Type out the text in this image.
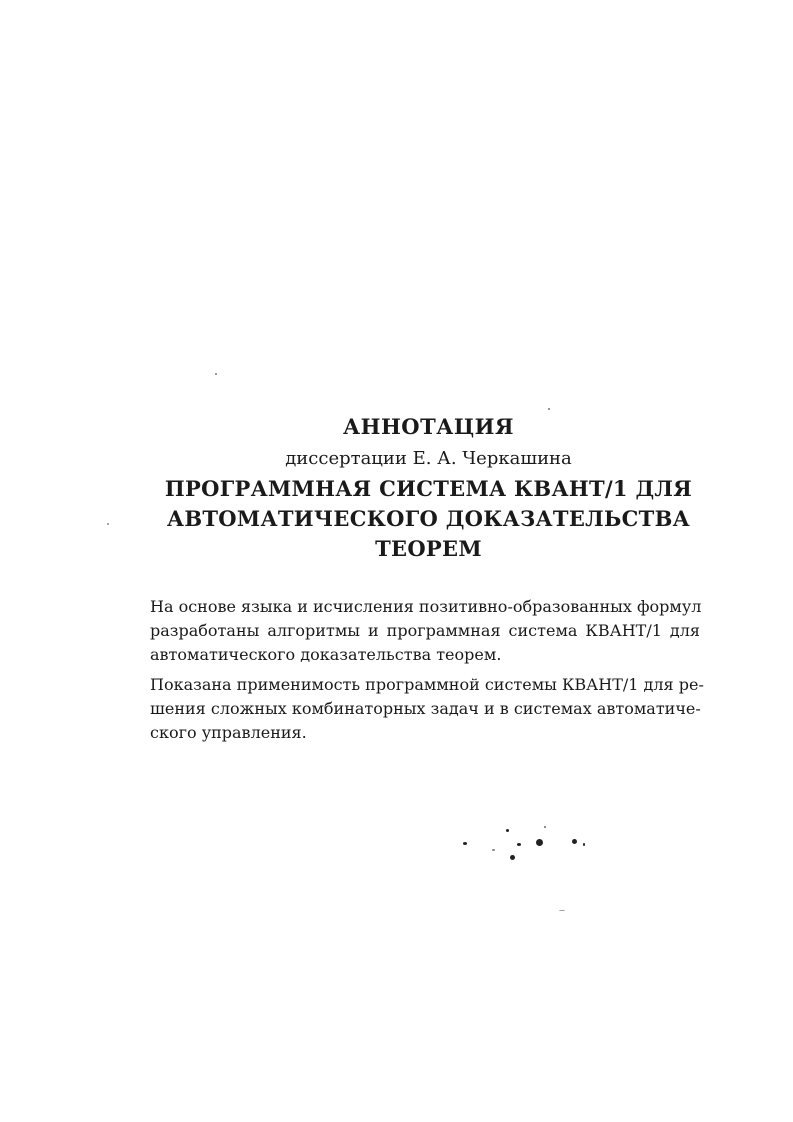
АННОТАЦИЯ
диссертации Е. А. Черкашина
ПРОГРАММНАЯ СИСТЕМА КВАНТ/1 ДЛЯ
АВТОМАТИЧЕСКОГО ДОКАЗАТЕЛЬСТВА
ТЕОРЕМ
На основе языка и исчисления позитивно-образованных формул
разработаны алгоритмы и программная система КВАНТ/1 для
автоматического доказательства теорем.
Показана применимость программной системы КВАНТ/1 для ре-
шения сложных комбинаторных задач и в системах автоматиче-
ского управления.
